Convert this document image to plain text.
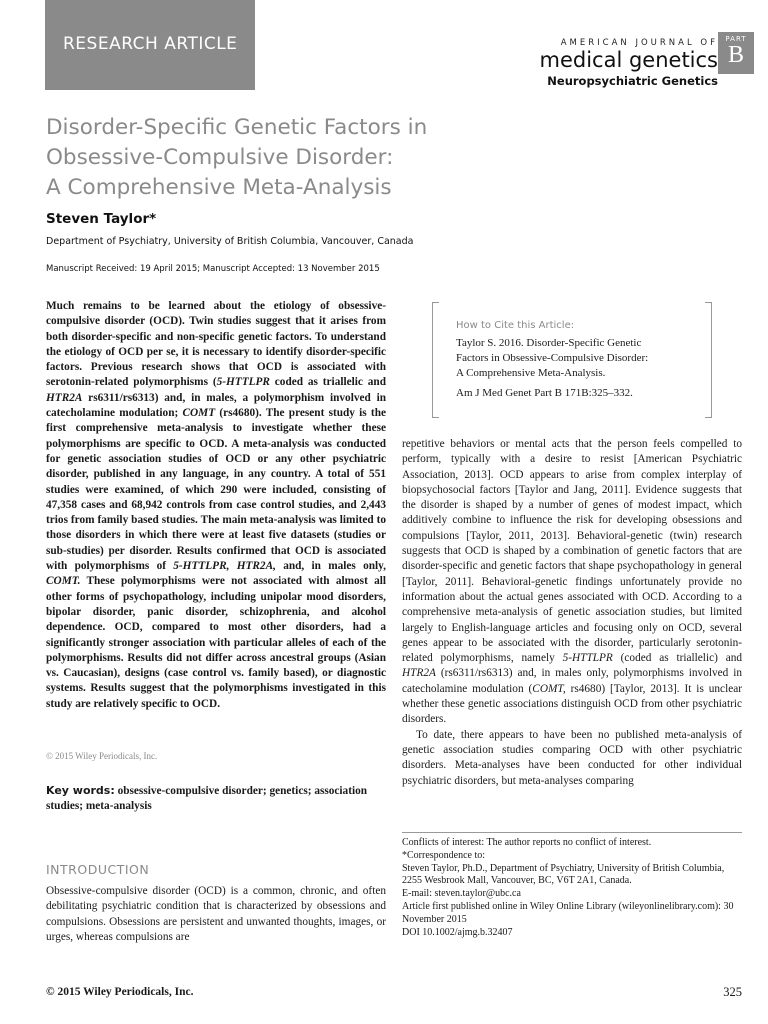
RESEARCH ARTICLE	AMERICAN JOURNAL OF
medical genetics
Neuropsychiatric Genetics
PART
B
Disorder-Specific Genetic Factors in
Obsessive-Compulsive Disorder:
A Comprehensive Meta-Analysis
Steven Taylor*
Department of Psychiatry, University of British Columbia, Vancouver, Canada
Manuscript Received: 19 April 2015; Manuscript Accepted: 13 November 2015

Much remains to be learned about the etiology of obsessive-compulsive disorder (OCD). Twin studies suggest that it arises from both disorder-specific and non-specific genetic factors. To understand the etiology of OCD per se, it is necessary to identify disorder-specific factors. Previous research shows that OCD is associated with serotonin-related polymorphisms (5-HTTLPR coded as triallelic and HTR2A rs6311/rs6313) and, in males, a polymorphism involved in catecholamine modulation; COMT (rs4680). The present study is the first comprehensive meta-analysis to investigate whether these polymorphisms are specific to OCD. A meta-analysis was conducted for genetic association studies of OCD or any other psychiatric disorder, published in any language, in any country. A total of 551 studies were examined, of which 290 were included, consisting of 47,358 cases and 68,942 controls from case control studies, and 2,443 trios from family based studies. The main meta-analysis was limited to those disorders in which there were at least five datasets (studies or sub-studies) per disorder. Results confirmed that OCD is associated with polymorphisms of 5-HTTLPR, HTR2A, and, in males only, COMT. These polymorphisms were not associated with almost all other forms of psychopathology, including unipolar mood disorders, bipolar disorder, panic disorder, schizophrenia, and alcohol dependence. OCD, compared to most other disorders, had a significantly stronger association with particular alleles of each of the polymorphisms. Results did not differ across ancestral groups (Asian vs. Caucasian), designs (case control vs. family based), or diagnostic systems. Results suggest that the polymorphisms investigated in this study are relatively specific to OCD.

© 2015 Wiley Periodicals, Inc.
Key words: obsessive-compulsive disorder; genetics; association studies; meta-analysis
INTRODUCTION

Obsessive-compulsive disorder (OCD) is a common, chronic, and often debilitating psychiatric condition that is characterized by obsessions and compulsions. Obsessions are persistent and unwanted thoughts, images, or urges, whereas compulsions are

How to Cite this Article:
Taylor S. 2016. Disorder-Specific Genetic
Factors in Obsessive-Compulsive Disorder:
A Comprehensive Meta-Analysis.
Am J Med Genet Part B 171B:325–332.

repetitive behaviors or mental acts that the person feels compelled to perform, typically with a desire to resist [American Psychiatric Association, 2013]. OCD appears to arise from complex interplay of biopsychosocial factors [Taylor and Jang, 2011]. Evidence suggests that the disorder is shaped by a number of genes of modest impact, which additively combine to influence the risk for developing obsessions and compulsions [Taylor, 2011, 2013]. Behavioral-genetic (twin) research suggests that OCD is shaped by a combination of genetic factors that are disorder-specific and genetic factors that shape psychopathology in general [Taylor, 2011]. Behavioral-genetic findings unfortunately provide no information about the actual genes associated with OCD. According to a comprehensive meta-analysis of genetic association studies, but limited largely to English-language articles and focusing only on OCD, several genes appear to be associated with the disorder, particularly serotonin-related polymorphisms, namely 5-HTTLPR (coded as triallelic) and HTR2A (rs6311/rs6313) and, in males only, polymorphisms involved in catecholamine modulation (COMT, rs4680) [Taylor, 2013]. It is unclear whether these genetic associations distinguish OCD from other psychiatric disorders.

To date, there appears to have been no published meta-analysis of genetic association studies comparing OCD with other psychiatric disorders. Meta-analyses have been conducted for other individual psychiatric disorders, but meta-analyses comparing

Conflicts of interest: The author reports no conflict of interest.
*Correspondence to:
Steven Taylor, Ph.D., Department of Psychiatry, University of British Columbia, 2255 Wesbrook Mall, Vancouver, BC, V6T 2A1, Canada.
E-mail: steven.taylor@ubc.ca
Article first published online in Wiley Online Library (wileyonlinelibrary.com): 30 November 2015
DOI 10.1002/ajmg.b.32407
© 2015 Wiley Periodicals, Inc.	325
